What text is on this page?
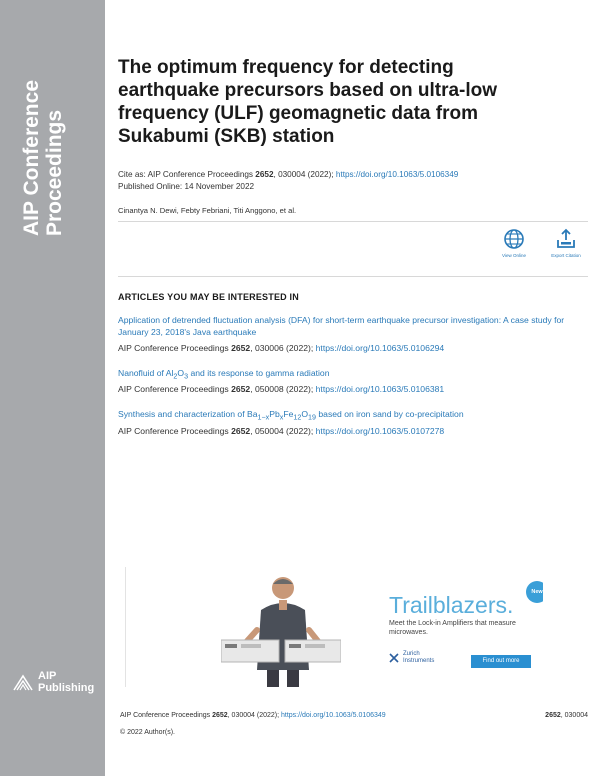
AIP Conference Proceedings
AIP
Publishing
The optimum frequency for detecting earthquake precursors based on ultra-low frequency (ULF) geomagnetic data from Sukabumi (SKB) station
Cite as: AIP Conference Proceedings 2652, 030004 (2022); https://doi.org/10.1063/5.0106349
Published Online: 14 November 2022
Cinantya N. Dewi, Febty Febriani, Titi Anggono, et al.
View Online	Export Citation
ARTICLES YOU MAY BE INTERESTED IN
Application of detrended fluctuation analysis (DFA) for short-term earthquake precursor investigation: A case study for January 23, 2018's Java earthquake
AIP Conference Proceedings 2652, 030006 (2022); https://doi.org/10.1063/5.0106294
Nanofluid of $Al_2O_3$ and its response to gamma radiation
AIP Conference Proceedings 2652, 050008 (2022); https://doi.org/10.1063/5.0106381
Synthesis and characterization of $Ba_{1-x}Pb_xFe_{12}O_{19}$ based on iron sand by co-precipitation
AIP Conference Proceedings 2652, 050004 (2022); https://doi.org/10.1063/5.0107278
New
Trailblazers.
Meet the Lock-in Amplifiers that measure microwaves.
Zurich
Instruments	Find out more
AIP Conference Proceedings 2652, 030004 (2022); https://doi.org/10.1063/5.0106349	2652, 030004
© 2022 Author(s).
